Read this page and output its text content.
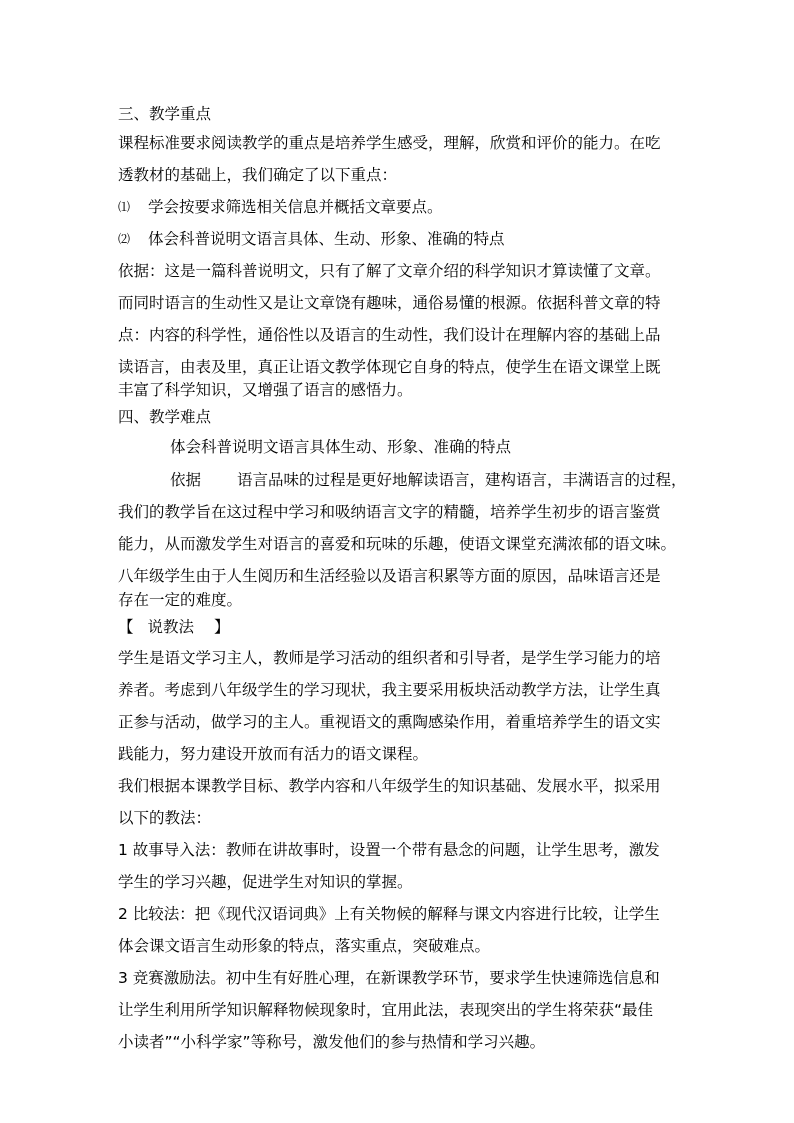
三、教学重点
课程标准要求阅读教学的重点是培养学生感受，理解，欣赏和评价的能力。在吃
透教材的基础上，我们确定了以下重点：
⑴ 学会按要求筛选相关信息并概括文章要点。
⑵ 体会科普说明文语言具体、生动、形象、准确的特点
依据：这是一篇科普说明文，只有了解了文章介绍的科学知识才算读懂了文章。
而同时语言的生动性又是让文章饶有趣味，通俗易懂的根源。依据科普文章的特
点：内容的科学性，通俗性以及语言的生动性，我们设计在理解内容的基础上品
读语言，由表及里，真正让语文教学体现它自身的特点，使学生在语文课堂上既
丰富了科学知识，又增强了语言的感悟力。
四、教学难点
体会科普说明文语言具体生动、形象、准确的特点
依据 语言品味的过程是更好地解读语言，建构语言，丰满语言的过程，
我们的教学旨在这过程中学习和吸纳语言文字的精髓，培养学生初步的语言鉴赏
能力，从而激发学生对语言的喜爱和玩味的乐趣，使语文课堂充满浓郁的语文味。
八年级学生由于人生阅历和生活经验以及语言积累等方面的原因，品味语言还是
存在一定的难度。
【 说教法 】
学生是语文学习主人，教师是学习活动的组织者和引导者，是学生学习能力的培
养者。考虑到八年级学生的学习现状，我主要采用板块活动教学方法，让学生真
正参与活动，做学习的主人。重视语文的熏陶感染作用，着重培养学生的语文实
践能力，努力建设开放而有活力的语文课程。
我们根据本课教学目标、教学内容和八年级学生的知识基础、发展水平，拟采用
以下的教法：
1 故事导入法：教师在讲故事时，设置一个带有悬念的问题，让学生思考，激发
学生的学习兴趣，促进学生对知识的掌握。
2 比较法：把《现代汉语词典》上有关物候的解释与课文内容进行比较，让学生
体会课文语言生动形象的特点，落实重点，突破难点。
3 竞赛激励法。初中生有好胜心理，在新课教学环节，要求学生快速筛选信息和
让学生利用所学知识解释物候现象时，宜用此法，表现突出的学生将荣获“最佳
小读者”“小科学家”等称号，激发他们的参与热情和学习兴趣。
